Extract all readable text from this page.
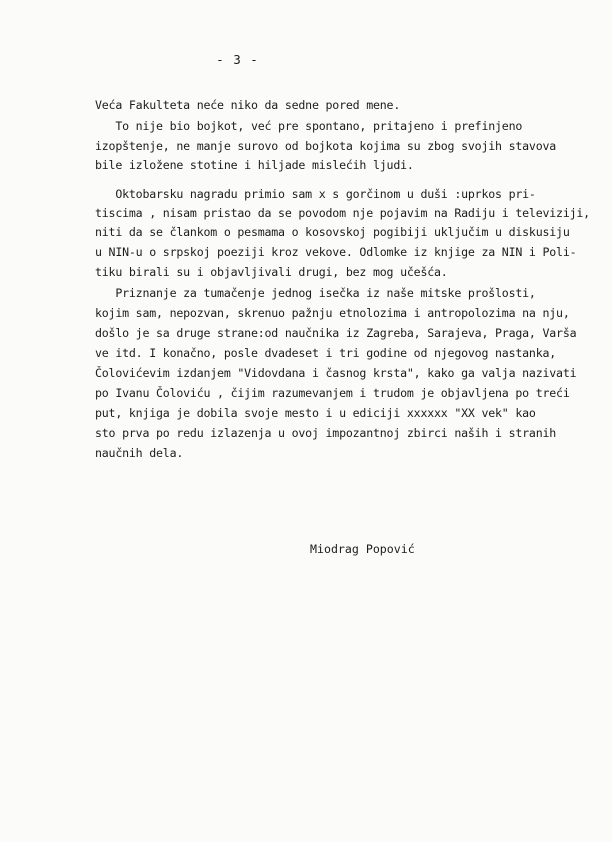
- 3 -
Veća Fakulteta neće niko da sedne pored mene.
To nije bio bojkot, već pre spontano, pritajeno i prefinjeno
izopštenje, ne manje surovo od bojkota kojima su zbog svojih stavova
bile izložene stotine i hiljade mislećih ljudi.
Oktobarsku nagradu primio sam x s gorčinom u duši :uprkos pri-
tiscima , nisam pristao da se povodom nje pojavim na Radiju i televiziji,
niti da se člankom o pesmama o kosovskoj pogibiji uključim u diskusiju
u NIN-u o srpskoj poeziji kroz vekove. Odlomke iz knjige za NIN i Poli-
tiku birali su i objavljivali drugi, bez mog učešća.
Priznanje za tumačenje jednog isečka iz naše mitske prošlosti,
kojim sam, nepozvan, skrenuo pažnju etnolozima i antropolozima na nju,
došlo je sa druge strane:od naučnika iz Zagreba, Sarajeva, Praga, Varša
ve itd. I konačno, posle dvadeset i tri godine od njegovog nastanka,
Čolovićevim izdanjem "Vidovdana i časnog krsta", kako ga valja nazivati
po Ivanu Čoloviću , čijim razumevanjem i trudom je objavljena po treći
put, knjiga je dobila svoje mesto i u ediciji xxxxxx "XX vek" kao
sto prva po redu izlazenja u ovoj impozantnoj zbirci naših i stranih
naučnih dela.
Miodrag Popović
